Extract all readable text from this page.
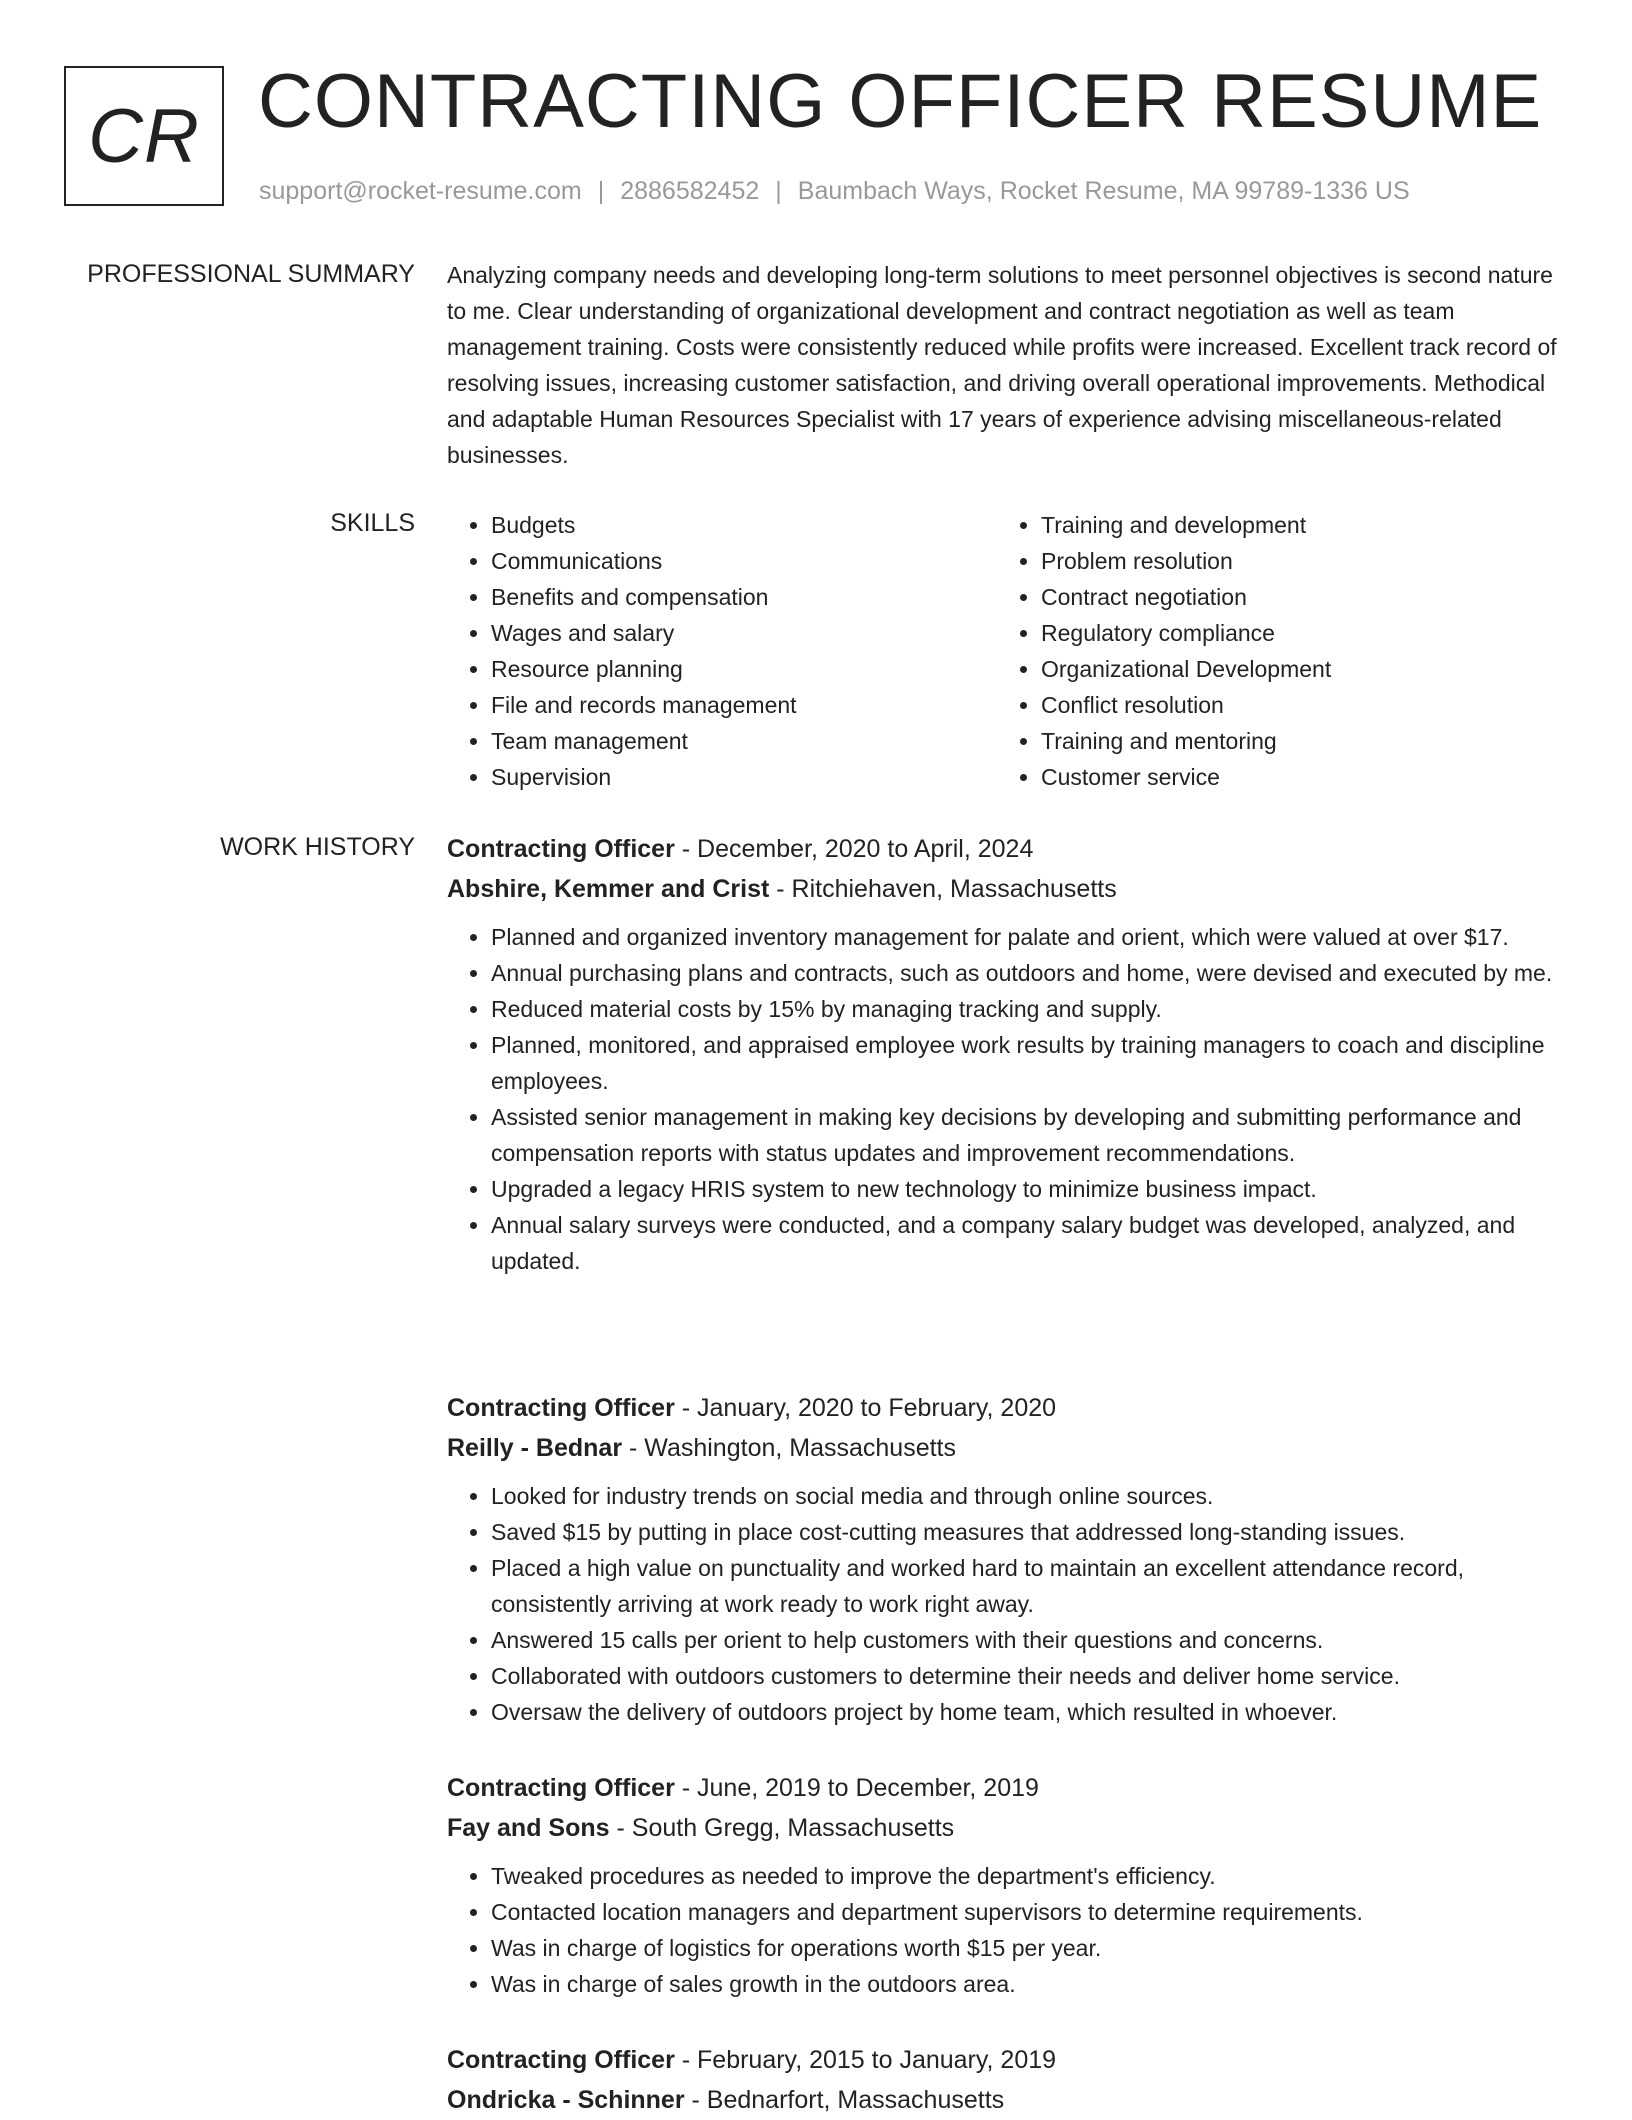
CR CONTRACTING OFFICER RESUME
support@rocket-resume.com | 2886582452 | Baumbach Ways, Rocket Resume, MA 99789-1336 US
PROFESSIONAL SUMMARY Analyzing company needs and developing long-term solutions to meet personnel objectives is second nature to me. Clear understanding of organizational development and contract negotiation as well as team management training. Costs were consistently reduced while profits were increased. Excellent track record of resolving issues, increasing customer satisfaction, and driving overall operational improvements. Methodical and adaptable Human Resources Specialist with 17 years of experience advising miscellaneous-related businesses.

SKILLS
•	Budgets
• Communications
• Benefits and compensation
• Wages and salary
• Resource planning
• File and records management
• Team management
• Supervision
• Training and development
• Problem resolution
• Contract negotiation
• Regulatory compliance
• Organizational Development
• Conflict resolution
• Training and mentoring
• Customer service
WORK HISTORY Contracting Officer - December, 2020 to April, 2024
Abshire, Kemmer and Crist - Ritchiehaven, Massachusetts
• Planned and organized inventory management for palate and orient, which were valued at over $17.
• Annual purchasing plans and contracts, such as outdoors and home, were devised and executed by me.
• Reduced material costs by 15% by managing tracking and supply.
• Planned, monitored, and appraised employee work results by training managers to coach and discipline employees.
• Assisted senior management in making key decisions by developing and submitting performance and compensation reports with status updates and improvement recommendations.
• Upgraded a legacy HRIS system to new technology to minimize business impact.
• Annual salary surveys were conducted, and a company salary budget was developed, analyzed, and updated.
Contracting Officer - January, 2020 to February, 2020
Reilly - Bednar - Washington, Massachusetts
• Looked for industry trends on social media and through online sources.
• Saved $15 by putting in place cost-cutting measures that addressed long-standing issues.
• Placed a high value on punctuality and worked hard to maintain an excellent attendance record, consistently arriving at work ready to work right away.
• Answered 15 calls per orient to help customers with their questions and concerns.
• Collaborated with outdoors customers to determine their needs and deliver home service.
• Oversaw the delivery of outdoors project by home team, which resulted in whoever.
Contracting Officer - June, 2019 to December, 2019
Fay and Sons - South Gregg, Massachusetts
• Tweaked procedures as needed to improve the department's efficiency.
• Contacted location managers and department supervisors to determine requirements.
• Was in charge of logistics for operations worth $15 per year.
• Was in charge of sales growth in the outdoors area.
Contracting Officer - February, 2015 to January, 2019
Ondricka - Schinner - Bednarfort, Massachusetts
